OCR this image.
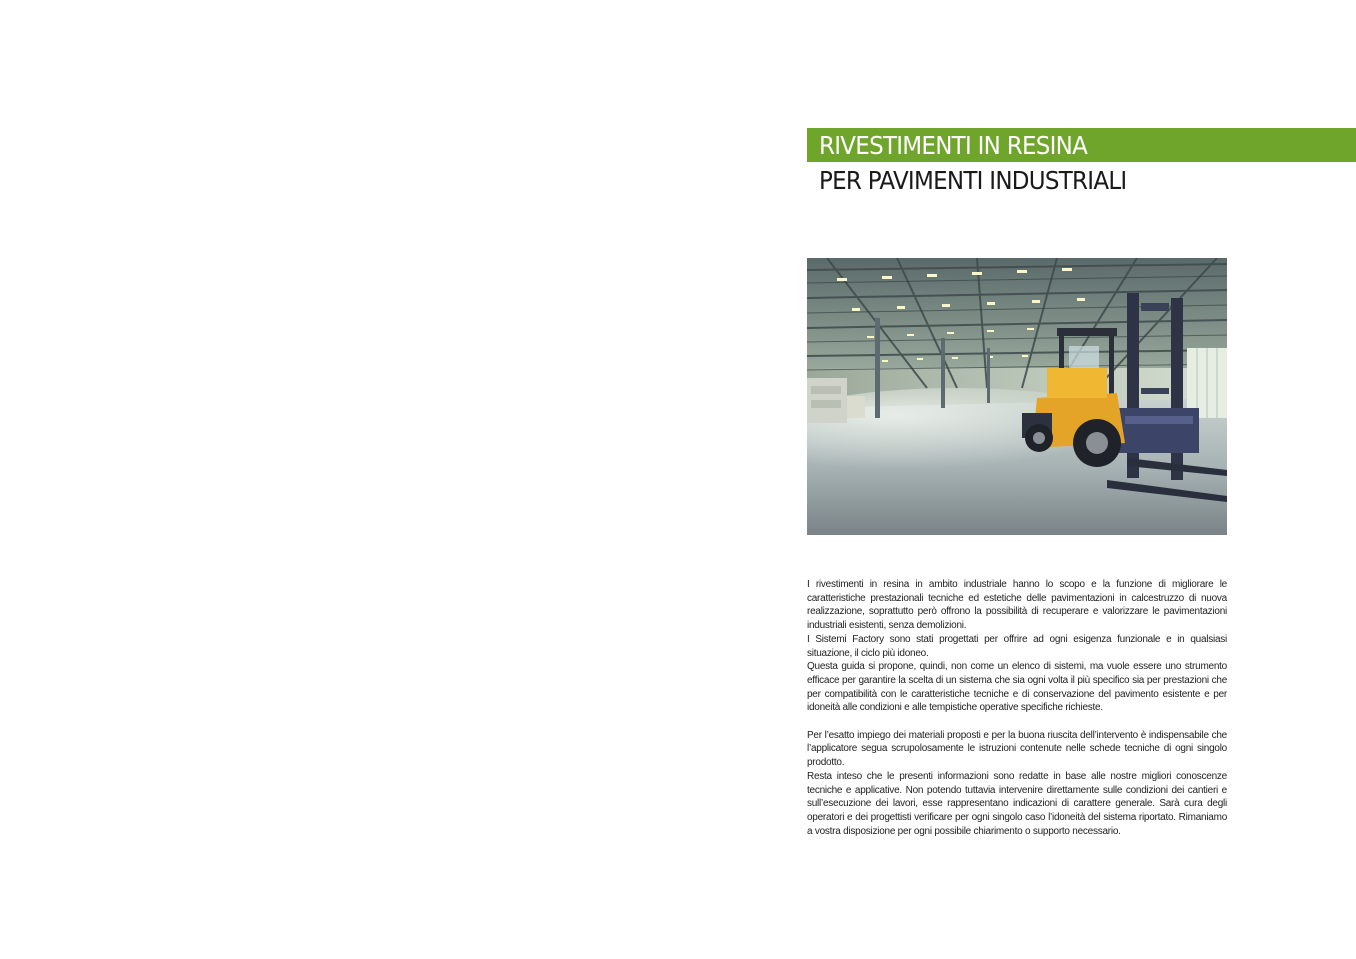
RIVESTIMENTI IN RESINA
PER PAVIMENTI INDUSTRIALI

I rivestimenti in resina in ambito industriale hanno lo scopo e la funzione di migliorare le caratteristiche prestazionali tecniche ed estetiche delle pavimentazioni in calcestruzzo di nuova realizzazione, soprattutto però offrono la possibilità di recuperare e valorizzare le pavimentazioni industriali esistenti, senza demolizioni.

I Sistemi Factory sono stati progettati per offrire ad ogni esigenza funzionale e in qualsiasi situazione, il ciclo più idoneo.

Questa guida si propone, quindi, non come un elenco di sistemi, ma vuole essere uno strumento efficace per garantire la scelta di un sistema che sia ogni volta il più specifico sia per prestazioni che per compatibilità con le caratteristiche tecniche e di conservazione del pavimento esistente e per idoneità alle condizioni e alle tempistiche operative specifiche richieste.

Per l’esatto impiego dei materiali proposti e per la buona riuscita dell’intervento è indispensabile che l’applicatore segua scrupolosamente le istruzioni contenute nelle schede tecniche di ogni singolo prodotto.

Resta inteso che le presenti informazioni sono redatte in base alle nostre migliori conoscenze tecniche e applicative. Non potendo tuttavia intervenire direttamente sulle condizioni dei cantieri e sull’esecuzione dei lavori, esse rappresentano indicazioni di carattere generale. Sarà cura degli operatori e dei progettisti verificare per ogni singolo caso l’idoneità del sistema riportato. Rimaniamo a vostra disposizione per ogni possibile chiarimento o supporto necessario.
